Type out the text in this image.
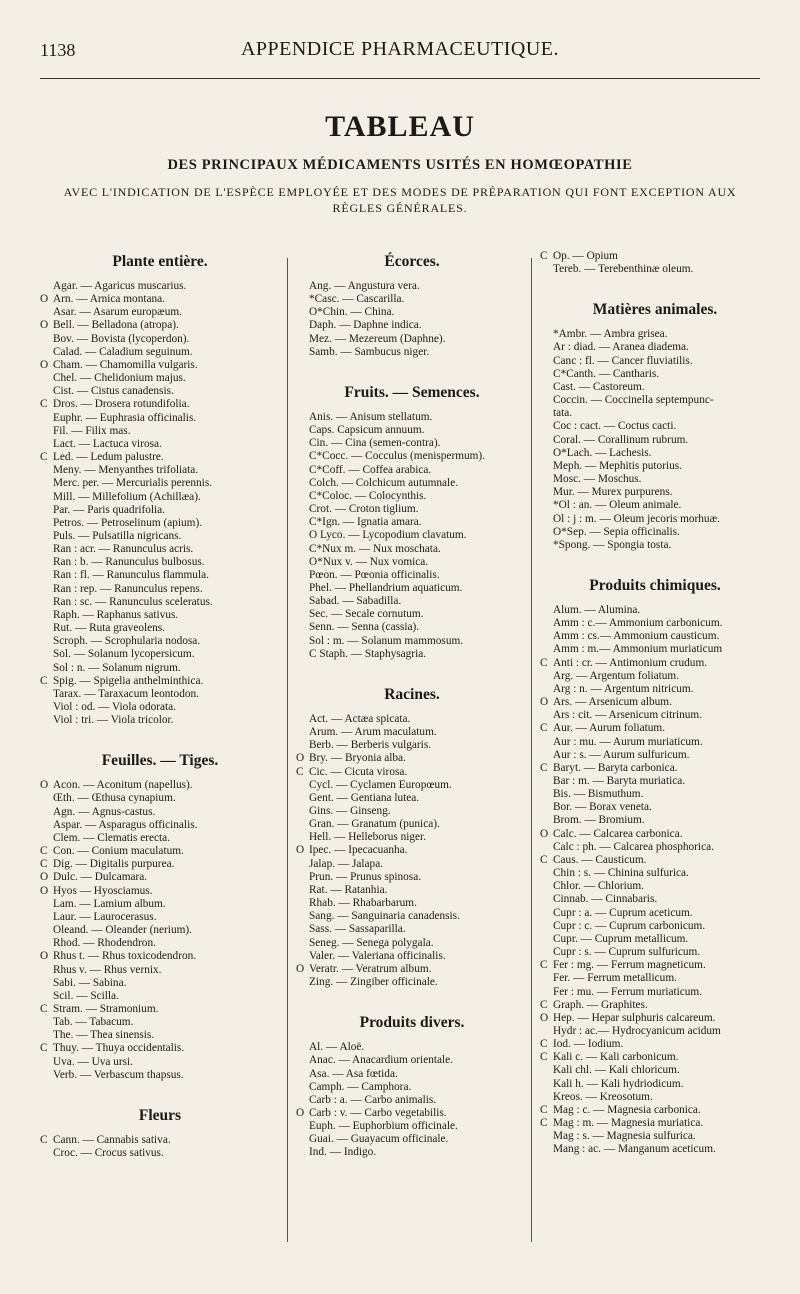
1138	APPENDICE PHARMACEUTIQUE.
TABLEAU
DES PRINCIPAUX MÉDICAMENTS USITÉS EN HOMŒOPATHIE
AVEC L'INDICATION DE L'ESPÈCE EMPLOYÉE ET DES MODES DE PRÉPARATION QUI FONT EXCEPTION AUX RÈGLES GÉNÉRALES.
Plante entière.
Agar. — Agaricus muscarius.
O Arn. — Arnica montana.
Asar. — Asarum europæum.
O Bell. — Belladona (atropa).
Bov. — Bovista (lycoperdon).
Calad. — Caladium seguinum.
O Cham. — Chamomilla vulgaris.
Chel. — Chelidonium majus.
Cist. — Cistus canadensis.
C Dros. — Drosera rotundifolia.
Euphr. — Euphrasia officinalis.
Fil. — Filix mas.
Lact. — Lactuca virosa.
C Led. — Ledum palustre.
Meny. — Menyanthes trifoliata.
Merc. per. — Mercurialis perennis.
Mill. — Millefolium (Achillæa).
Par. — Paris quadrifolia.
Petros. — Petroselinum (apium).
Puls. — Pulsatilla nigricans.
Ran : acr. — Ranunculus acris.
Ran : b. — Ranunculus bulbosus.
Ran : fl. — Ranunculus flammula.
Ran : rep. — Ranunculus repens.
Ran : sc. — Ranunculus sceleratus.
Raph. — Raphanus sativus.
Rut. — Ruta graveolens.
Scroph. — Scrophularia nodosa.
Sol. — Solanum lycopersicum.
Sol : n. — Solanum nigrum.
C Spig. — Spigelia anthelminthica.
Tarax. — Taraxacum leontodon.
Viol : od. — Viola odorata.
Viol : tri. — Viola tricolor.
Feuilles. — Tiges.
O Acon. — Aconitum (napellus).
Œth. — Œthusa cynapium.
Agn. — Agnus-castus.
Aspar. — Asparagus officinalis.
Clem. — Clematis erecta.
C Con. — Conium maculatum.
C Dig. — Digitalis purpurea.
O Dulc. — Dulcamara.
O Hyos — Hyosciamus.
Lam. — Lamium album.
Laur. — Laurocerasus.
Oleand. — Oleander (nerium).
Rhod. — Rhodendron.
O Rhus t. — Rhus toxicodendron.
Rhus v. — Rhus vernix.
Sabi. — Sabina.
Scil. — Scilla.
C Stram. — Stramonium.
Tab. — Tabacum.
The. — Thea sinensis.
C Thuy. — Thuya occidentalis.
Uva. — Uva ursi.
Verb. — Verbascum thapsus.
Fleurs
C Cann. — Cannabis sativa.
Croc. — Crocus sativus.
Écorces.
Ang. — Angustura vera.
*Casc. — Cascarilla.
O*Chin. — China.
Daph. — Daphne indica.
Mez. — Mezereum (Daphne).
Samb. — Sambucus niger.
Fruits. — Semences.
Anis. — Anisum stellatum.
Caps. Capsicum annuum.
Cin. — Cina (semen-contra).
C*Cocc. — Cocculus (menispermum).
C*Coff. — Coffea arabica.
Colch. — Colchicum autumnale.
C*Coloc. — Colocynthis.
Crot. — Croton tiglium.
C*Ign. — Ignatia amara.
O Lyco. — Lycopodium clavatum.
C*Nux m. — Nux moschata.
O*Nux v. — Nux vomica.
Pœon. — Pœonia officinalis.
Phel. — Phellandrium aquaticum.
Sabad. — Sabadilla.
Sec. — Secale cornutum.
Senn. — Senna (cassia).
Sol : m. — Solanum mammosum.
C Staph. — Staphysagria.
Racines.
Act. — Actæa spicata.
Arum. — Arum maculatum.
Berb. — Berberis vulgaris.
O Bry. — Bryonia alba.
C Cic. — Cicuta virosa.
Cycl. — Cyclamen Europœum.
Gent. — Gentiana lutea.
Gins. — Ginseng.
Gran. — Granatum (punica).
Hell. — Helleborus niger.
O Ipec. — Ipecacuanha.
Jalap. — Jalapa.
Prun. — Prunus spinosa.
Rat. — Ratanhia.
Rhab. — Rhabarbarum.
Sang. — Sanguinaria canadensis.
Sass. — Sassaparilla.
Seneg. — Senega polygala.
Valer. — Valeriana officinalis.
O Veratr. — Veratrum album.
Zing. — Zingiber officinale.
Produits divers.
Al. — Aloë.
Anac. — Anacardium orientale.
Asa. — Asa fœtida.
Camph. — Camphora.
Carb : a. — Carbo animalis.
O Carb : v. — Carbo vegetabilis.
Euph. — Euphorbium officinale.
Guai. — Guayacum officinale.
Ind. — Indigo.
C Op. — Opium
Tereb. — Terebenthinæ oleum.
Matières animales.
*Ambr. — Ambra grisea.
Ar : diad. — Aranea diadema.
Canc : fl. — Cancer fluviatilis.
C*Canth. — Cantharis.
Cast. — Castoreum.
Coccin. — Coccinella septempunc-
tata.
Coc : cact. — Coctus cacti.
Coral. — Corallinum rubrum.
O*Lach. — Lachesis.
Meph. — Mephitis putorius.
Mosc. — Moschus.
Mur. — Murex purpurens.
*Ol : an. — Oleum animale.
Ol : j : m. — Oleum jecoris morhuæ.
O*Sep. — Sepia officinalis.
*Spong. — Spongia tosta.
Produits chimiques.
Alum. — Alumina.
Amm : c.— Ammonium carbonicum.
Amm : cs.— Ammonium causticum.
Amm : m.— Ammonium muriaticum
C Anti : cr. — Antimonium crudum.
Arg. — Argentum foliatum.
Arg : n. — Argentum nitricum.
O Ars. — Arsenicum album.
Ars : cit. — Arsenicum citrinum.
C Aur. — Aurum foliatum.
Aur : mu. — Aurum muriaticum.
Aur : s. — Aurum sulfuricum.
C Baryt. — Baryta carbonica.
Bar : m. — Baryta muriatica.
Bis. — Bismuthum.
Bor. — Borax veneta.
Brom. — Bromium.
O Calc. — Calcarea carbonica.
Calc : ph. — Calcarea phosphorica.
C Caus. — Causticum.
Chin : s. — Chinina sulfurica.
Chlor. — Chlorium.
Cinnab. — Cinnabaris.
Cupr : a. — Cuprum aceticum.
Cupr : c. — Cuprum carbonicum.
Cupr. — Cuprum metallicum.
Cupr : s. — Cuprum sulfuricum.
C Fer : mg. — Ferrum magneticum.
Fer. — Ferrum metallicum.
Fer : mu. — Ferrum muriaticum.
C Graph. — Graphites.
O Hep. — Hepar sulphuris calcareum.
Hydr : ac.— Hydrocyanicum acidum
C Iod. — Iodium.
C Kali c. — Kali carbonicum.
Kali chl. — Kali chloricum.
Kali h. — Kali hydriodicum.
Kreos. — Kreosotum.
C Mag : c. — Magnesia carbonica.
C Mag : m. — Magnesia muriatica.
Mag : s. — Magnesia sulfurica.
Mang : ac. — Manganum aceticum.
